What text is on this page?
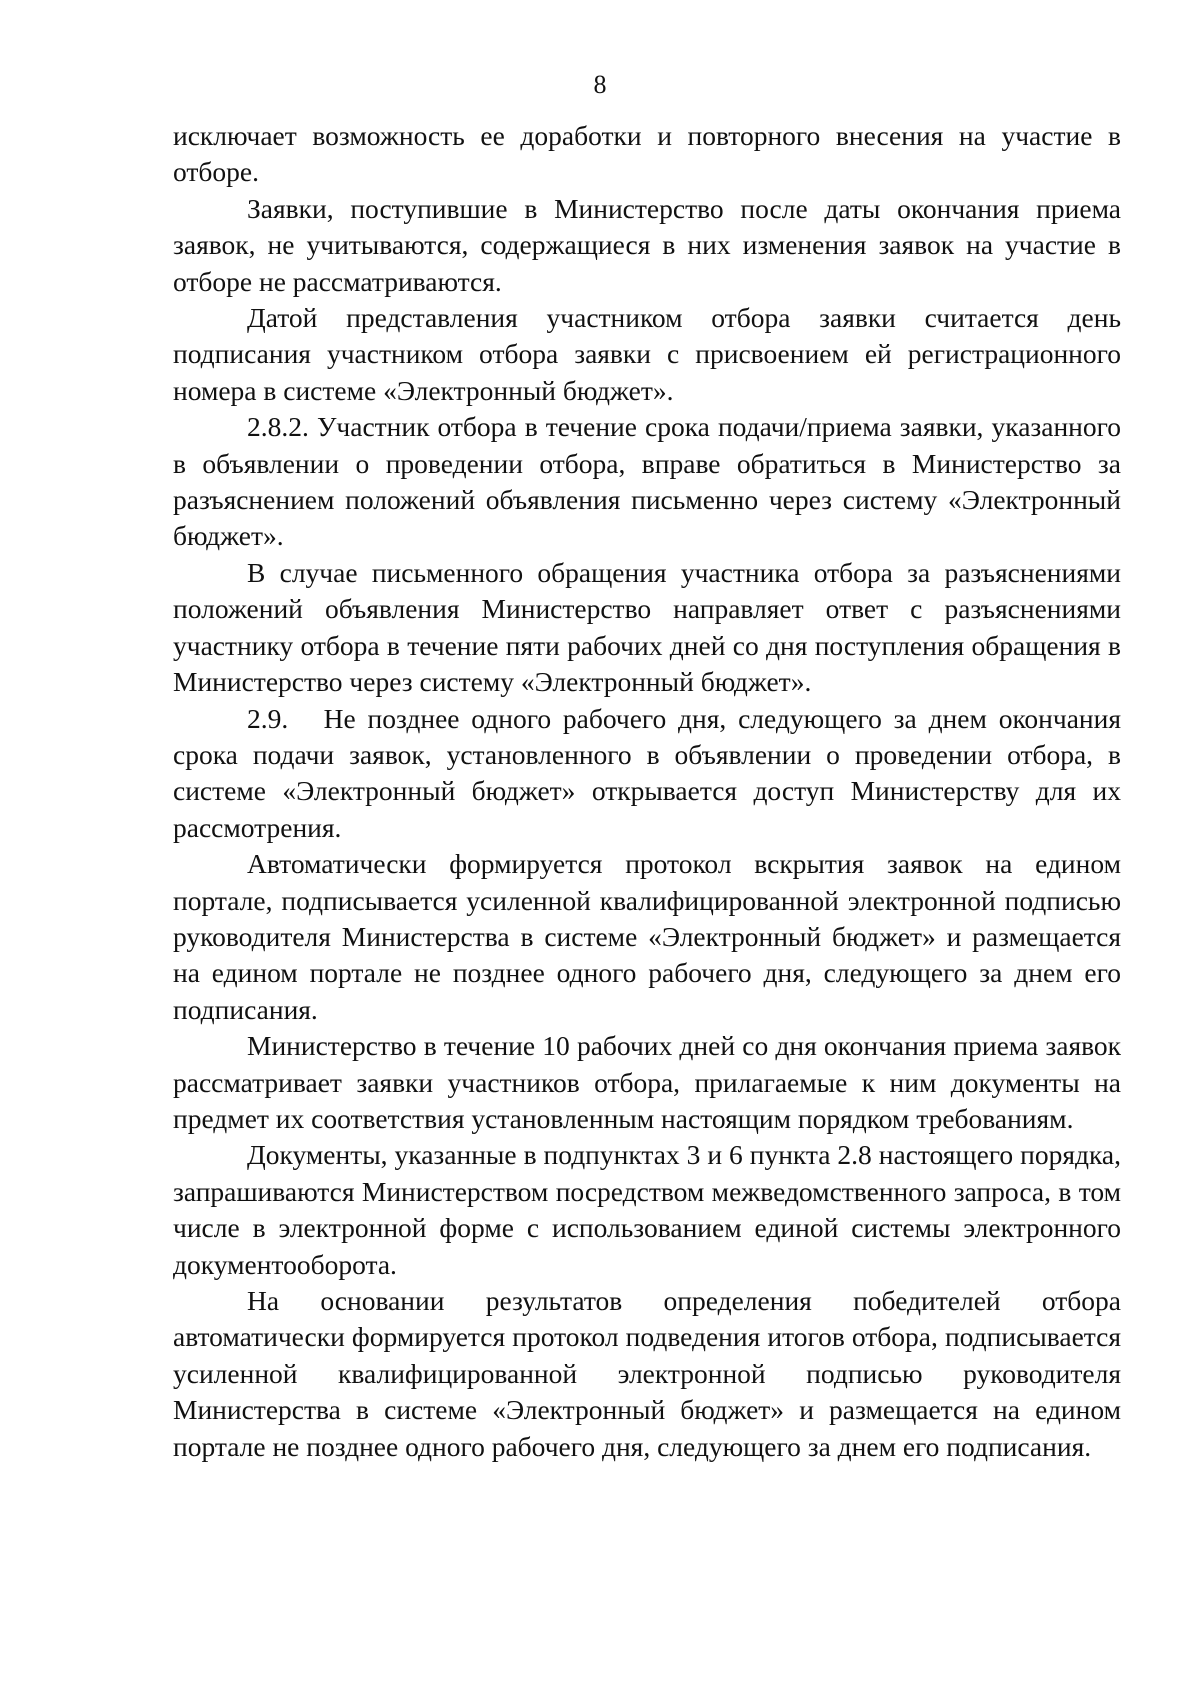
8

исключает возможность ее доработки и повторного внесения на участие в отборе.

Заявки, поступившие в Министерство после даты окончания приема заявок, не учитываются, содержащиеся в них изменения заявок на участие в отборе не рассматриваются.

Датой представления участником отбора заявки считается день подписания участником отбора заявки с присвоением ей регистрационного номера в системе «Электронный бюджет».

2.8.2. Участник отбора в течение срока подачи/приема заявки, указанного в объявлении о проведении отбора, вправе обратиться в Министерство за разъяснением положений объявления письменно через систему «Электронный бюджет».

В случае письменного обращения участника отбора за разъяснениями положений объявления Министерство направляет ответ с разъяснениями участнику отбора в течение пяти рабочих дней со дня поступления обращения в Министерство через систему «Электронный бюджет».

2.9.   Не позднее одного рабочего дня, следующего за днем окончания срока подачи заявок, установленного в объявлении о проведении отбора, в системе «Электронный бюджет» открывается доступ Министерству для их рассмотрения.

Автоматически формируется протокол вскрытия заявок на едином портале, подписывается усиленной квалифицированной электронной подписью руководителя Министерства в системе «Электронный бюджет» и размещается на едином портале не позднее одного рабочего дня, следующего за днем его подписания.

Министерство в течение 10 рабочих дней со дня окончания приема заявок рассматривает заявки участников отбора, прилагаемые к ним документы на предмет их соответствия установленным настоящим порядком требованиям.

Документы, указанные в подпунктах 3 и 6 пункта 2.8 настоящего порядка, запрашиваются Министерством посредством межведомственного запроса, в том числе в электронной форме с использованием единой системы электронного документооборота.

На основании результатов определения победителей отбора автоматически формируется протокол подведения итогов отбора, подписывается усиленной квалифицированной электронной подписью руководителя Министерства в системе «Электронный бюджет» и размещается на едином портале не позднее одного рабочего дня, следующего за днем его подписания.
